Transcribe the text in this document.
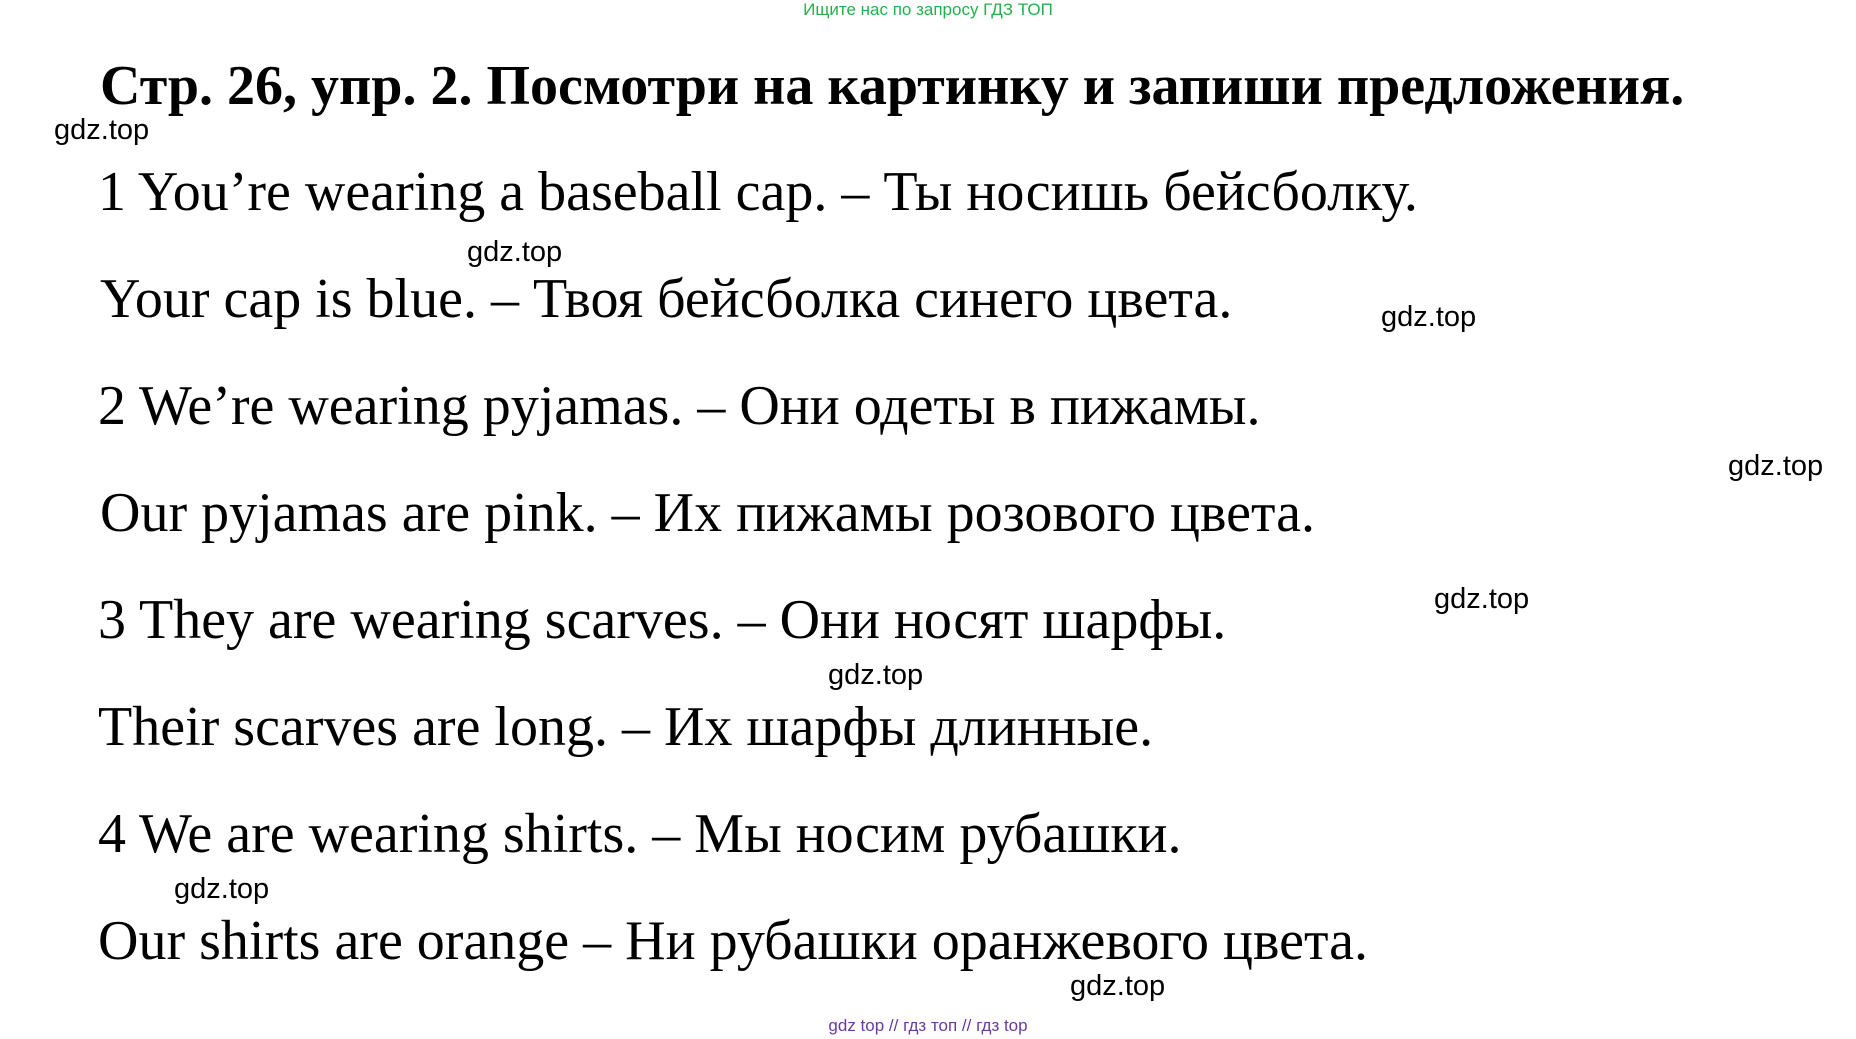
Ищите нас по запросу ГДЗ ТОП
Стр. 26, упр. 2. Посмотри на картинку и запиши предложения.
1 You’re wearing a baseball cap. – Ты носишь бейсболку.
Your cap is blue. – Твоя бейсболка синего цвета.
2 We’re wearing pyjamas. – Они одеты в пижамы.
Our pyjamas are pink. – Их пижамы розового цвета.
3 They are wearing scarves. – Они носят шарфы.
Their scarves are long. – Их шарфы длинные.
4 We are wearing shirts. – Мы носим рубашки.
Our shirts are orange – Ни рубашки оранжевого цвета.
gdz.top
gdz.top
gdz.top
gdz.top
gdz.top
gdz.top
gdz.top
gdz.top
gdz top // гдз топ // гдз top
